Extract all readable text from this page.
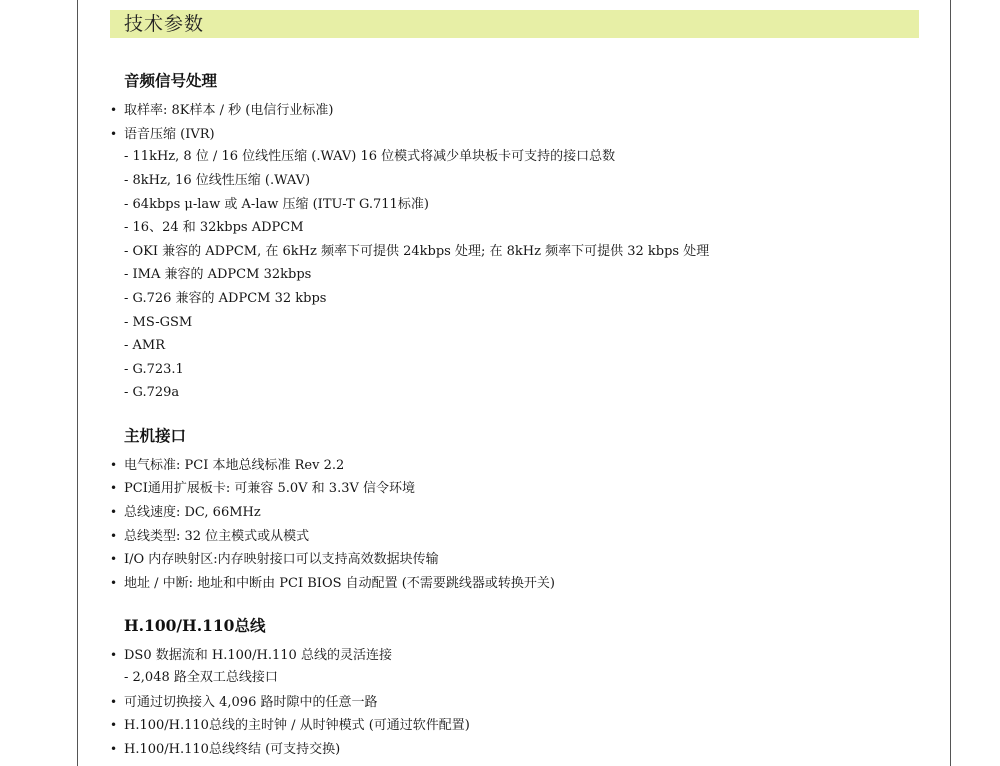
技术参数
音频信号处理
• 取样率: 8K样本 / 秒 (电信行业标准)
• 语音压缩 (IVR)
- 11kHz, 8 位 / 16 位线性压缩 (.WAV) 16 位模式将减少单块板卡可支持的接口总数
- 8kHz, 16 位线性压缩 (.WAV)
- 64kbps μ-law 或 A-law 压缩 (ITU-T G.711标准)
- 16、24 和 32kbps ADPCM
- OKI 兼容的 ADPCM, 在 6kHz 频率下可提供 24kbps 处理; 在 8kHz 频率下可提供 32 kbps 处理
- IMA 兼容的 ADPCM 32kbps
- G.726 兼容的 ADPCM 32 kbps
- MS-GSM
- AMR
- G.723.1
- G.729a
主机接口
• 电气标准: PCI 本地总线标准 Rev 2.2
• PCI通用扩展板卡: 可兼容 5.0V 和 3.3V 信令环境
• 总线速度: DC, 66MHz
• 总线类型: 32 位主模式或从模式
• I/O 内存映射区:内存映射接口可以支持高效数据块传输
• 地址 / 中断: 地址和中断由 PCI BIOS 自动配置 (不需要跳线器或转换开关)
H.100/H.110总线
• DS0 数据流和 H.100/H.110 总线的灵活连接
- 2,048 路全双工总线接口
• 可通过切换接入 4,096 路时隙中的任意一路
• H.100/H.110总线的主时钟 / 从时钟模式 (可通过软件配置)
• H.100/H.110总线终结 (可支持交换)
